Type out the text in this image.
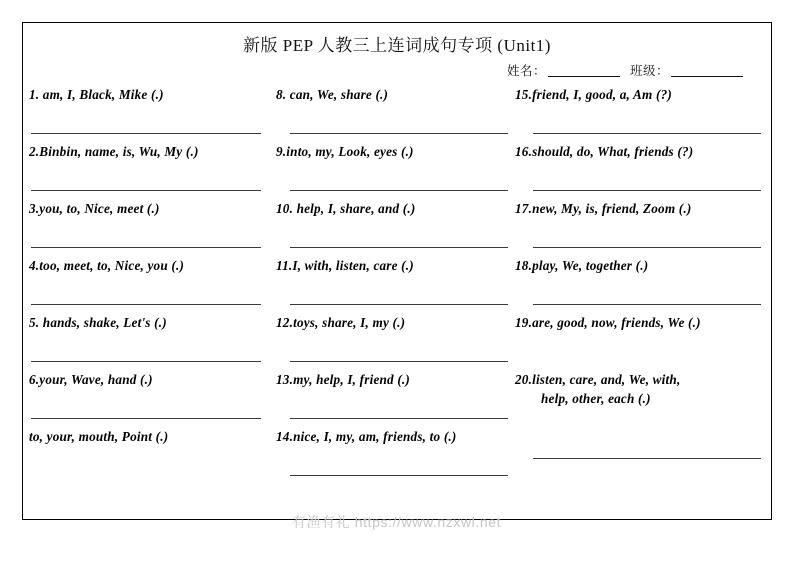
新版 PEP 人教三上连词成句专项 (Unit1)
姓名：	班级：
1. am, I, Black, Mike (.)
2.Binbin, name, is, Wu, My (.)
3.you, to, Nice, meet (.)
4.too, meet, to, Nice, you (.)
5. hands, shake, Let's (.)
6.your, Wave, hand (.)
to, your, mouth, Point (.)
8. can, We, share (.)
9.into, my, Look, eyes (.)
10. help, I, share, and (.)
11.I, with, listen, care (.)
12.toys, share, I, my (.)
13.my, help, I, friend (.)
14.nice, I, my, am, friends, to (.)
15.friend, I, good, a, Am (?)
16.should, do, What, friends (?)
17.new, My, is, friend, Zoom (.)
18.play, We, together (.)
19.are, good, now, friends, We (.)
20.listen, care, and, We, with,
help, other, each (.)
有渔有礼 https://www.nzxwl.net
